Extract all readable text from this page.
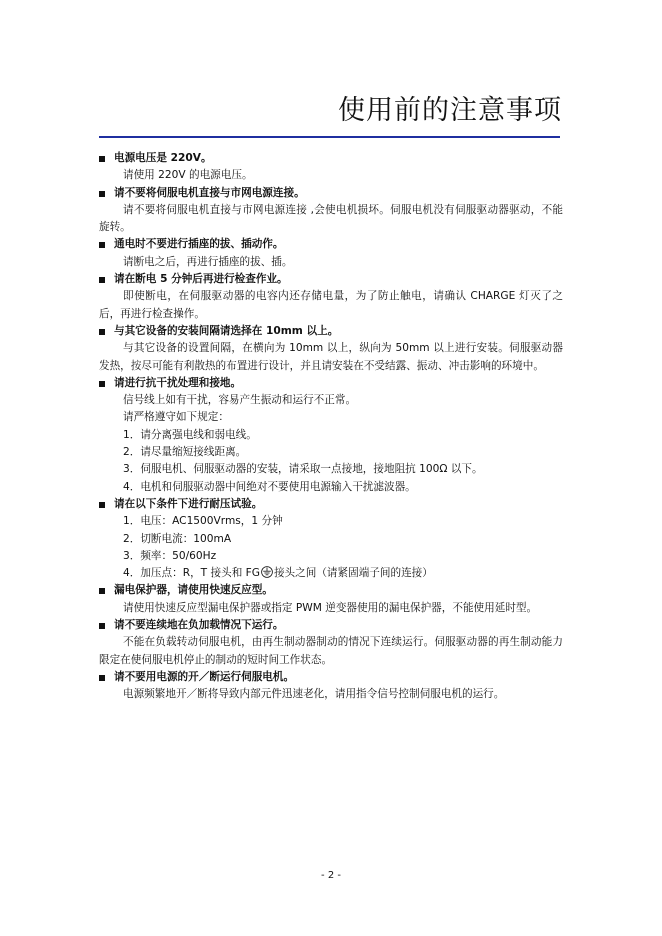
使用前的注意事项
电源电压是 220V。
请使用 220V 的电源电压。
请不要将伺服电机直接与市网电源连接。
请不要将伺服电机直接与市网电源连接 ,会使电机损坏。伺服电机没有伺服驱动器驱动，不能旋转。
通电时不要进行插座的拔、插动作。
请断电之后，再进行插座的拔、插。
请在断电 5 分钟后再进行检查作业。
即使断电，在伺服驱动器的电容内还存储电量，为了防止触电，请确认 CHARGE 灯灭了之后，再进行检查操作。
与其它设备的安装间隔请选择在 10mm 以上。
与其它设备的设置间隔，在横向为 10mm 以上，纵向为 50mm 以上进行安装。伺服驱动器发热，按尽可能有利散热的布置进行设计，并且请安装在不受结露、振动、冲击影响的环境中。
请进行抗干扰处理和接地。
信号线上如有干扰，容易产生振动和运行不正常。
请严格遵守如下规定：
1．请分离强电线和弱电线。
2．请尽量缩短接线距离。
3．伺服电机、伺服驱动器的安装，请采取一点接地，接地阻抗 100Ω 以下。
4．电机和伺服驱动器中间绝对不要使用电源输入干扰滤波器。
请在以下条件下进行耐压试验。
1．电压：AC1500Vrms，1 分钟
2．切断电流：100mA
3．频率：50/60Hz
4．加压点：R，T 接头和 FG 接头之间（请紧固端子间的连接）
漏电保护器，请使用快速反应型。
请使用快速反应型漏电保护器或指定 PWM 逆变器使用的漏电保护器，不能使用延时型。
请不要连续地在负加载情况下运行。
不能在负载转动伺服电机，由再生制动器制动的情况下连续运行。伺服驱动器的再生制动能力限定在使伺服电机停止的制动的短时间工作状态。
请不要用电源的开／断运行伺服电机。
电源频繁地开／断将导致内部元件迅速老化，请用指令信号控制伺服电机的运行。
- 2 -
